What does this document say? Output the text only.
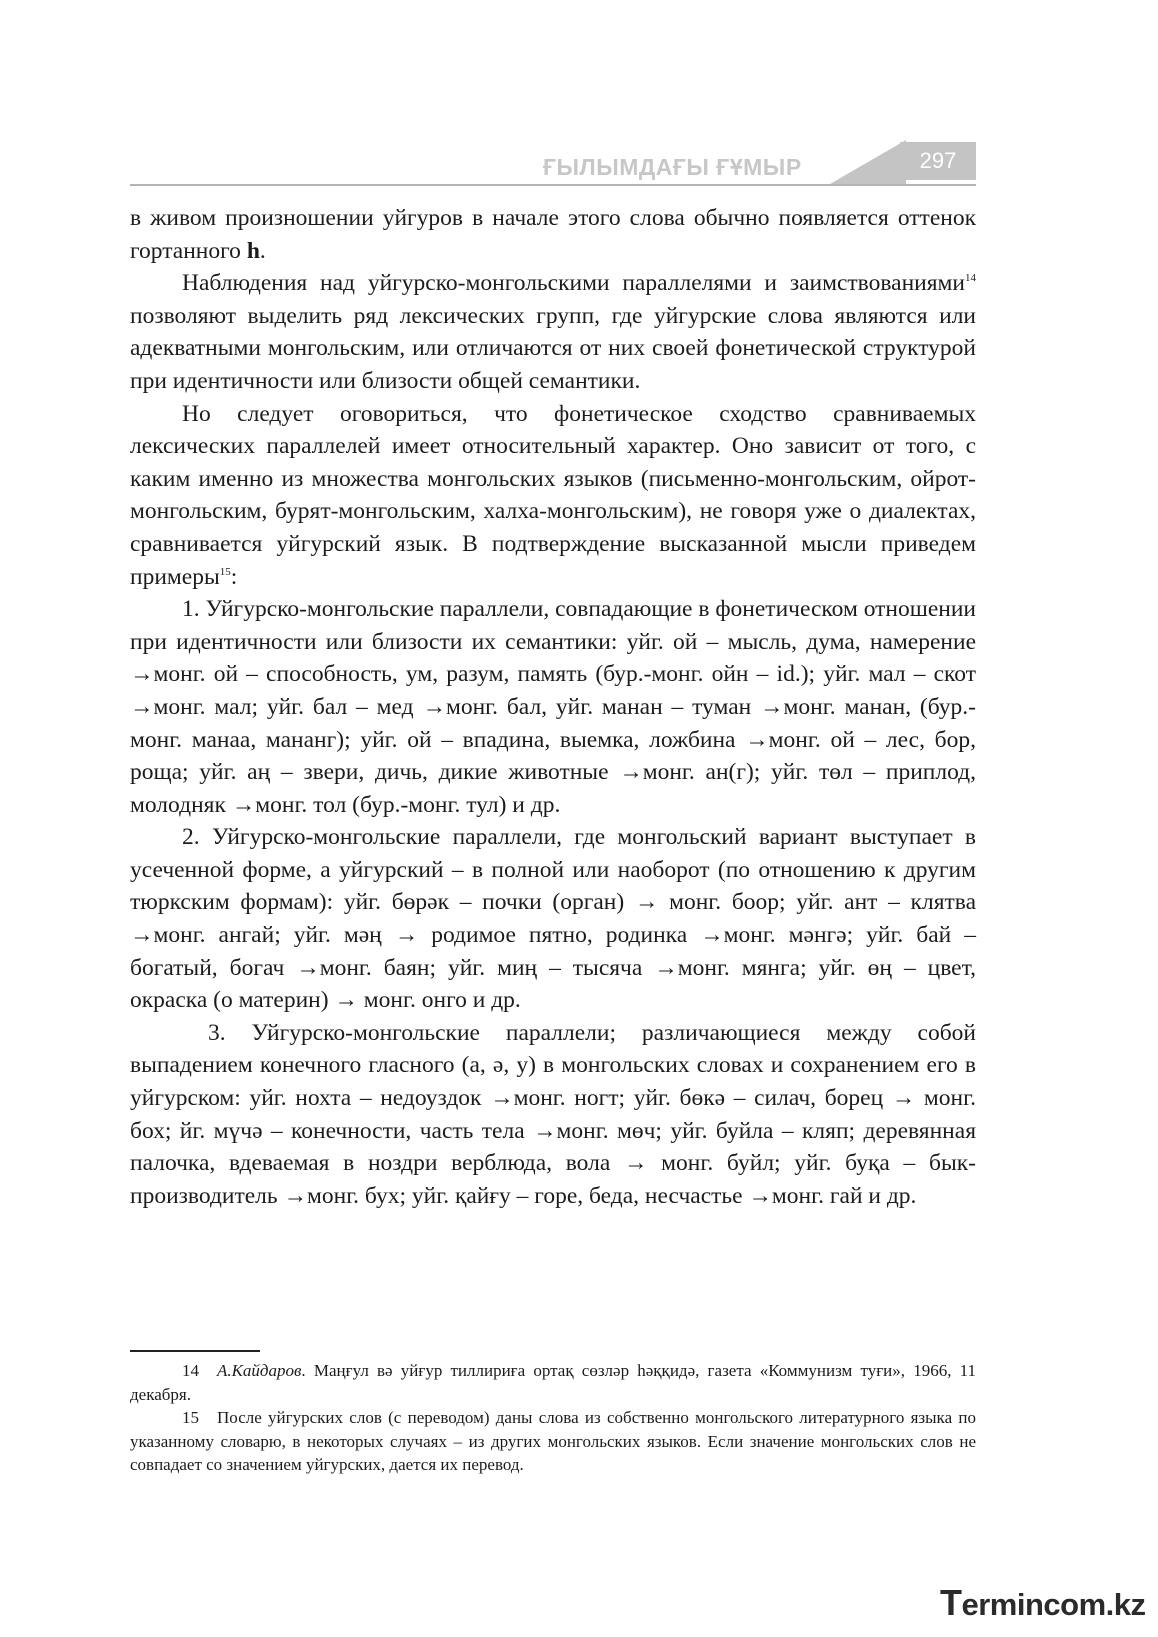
ҒЫЛЫМДАҒЫ ҒҰМЫР	297

в живом произношении уйгуров в начале этого слова обычно появляется оттенок гортанного h.

Наблюдения над уйгурско-монгольскими параллелями и заимствованиями$^{14}$ позволяют выделить ряд лексических групп, где уйгурские слова являются или адекватными монгольским, или отличаются от них своей фонетической структурой при идентичности или близости общей семантики.

Но следует оговориться, что фонетическое сходство сравниваемых лексических параллелей имеет относительный характер. Оно зависит от того, с каким именно из множества монгольских языков (письменно-монгольским, ойрот-монгольским, бурят-монгольским, халха-монгольским), не говоря уже о диалектах, сравнивается уйгурский язык. В подтверждение высказанной мысли приведем примеры$^{15}$:

1. Уйгурско-монгольские параллели, совпадающие в фонетическом отношении при идентичности или близости их семантики: уйг. ой – мысль, дума, намерение →монг. ой – способность, ум, разум, память (бур.-монг. ойн – id.); уйг. мал – скот →монг. мал; уйг. бал – мед →монг. бал, уйг. манан – туман →монг. манан, (бур.-монг. манаа, мананг); уйг. ой – впадина, выемка, ложбина →монг. ой – лес, бор, роща; уйг. аң – звери, дичь, дикие животные →монг. ан(г); уйг. төл – приплод, молодняк →монг. тол (бур.-монг. тул) и др.

2. Уйгурско-монгольские параллели, где монгольский вариант выступает в усеченной форме, а уйгурский – в полной или наоборот (по отношению к другим тюркским формам): уйг. бөрәк – почки (орган) → монг. боор; уйг. ант – клятва →монг. ангай; уйг. мәң → родимое пятно, родинка →монг. мәнгә; уйг. бай – богатый, богач →монг. баян; уйг. миң – тысяча →монг. мянга; уйг. өң – цвет, окраска (о материн) → монг. онго и др.

3. Уйгурско-монгольские параллели; различающиеся между собой выпадением конечного гласного (а, ә, у) в монгольских словах и сохранением его в уйгурском: уйг. нохта – недоуздок →монг. ногт; уйг. бөкә – силач, борец → монг. бох; йг. мүчә – конечности, часть тела →монг. мөч; уйг. буйла – кляп; деревянная палочка, вдеваемая в ноздри верблюда, вола → монг. буйл; уйг. буқа – бык-производитель →монг. бух; уйг. қайғу – горе, беда, несчастье →монг. гай и др.

14 А.Кайдаров. Маңғул вә уйғур тиллириға ортақ сөзләр һәққидә, газета «Коммунизм туғи», 1966, 11 декабря.

15 После уйгурских слов (с переводом) даны слова из собственно монгольского литературного языка по указанному словарю, в некоторых случаях – из других монгольских языков. Если значение монгольских слов не совпадает со значением уйгурских, дается их перевод.

Termincom.kz
